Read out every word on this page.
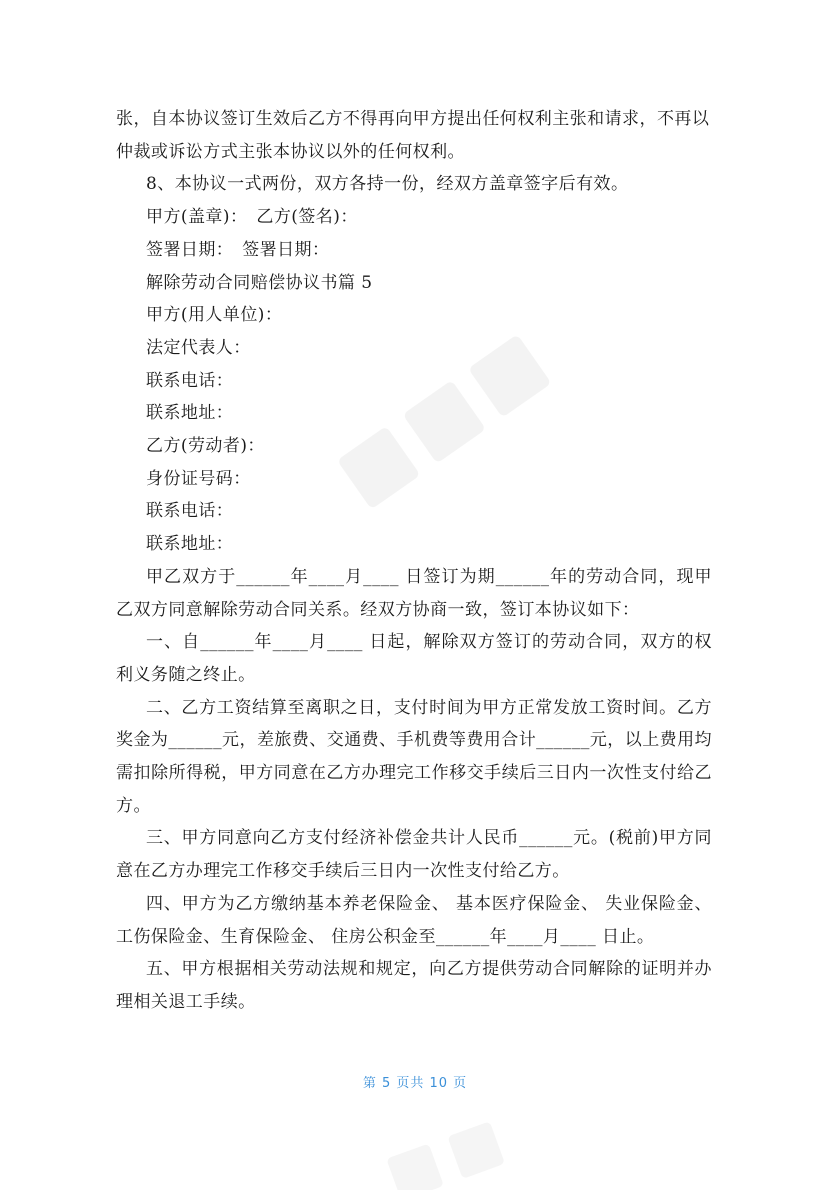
张，自本协议签订生效后乙方不得再向甲方提出任何权利主张和请求，不再以

仲裁或诉讼方式主张本协议以外的任何权利。

8、本协议一式两份，双方各持一份，经双方盖章签字后有效。

甲方(盖章)：　乙方(签名)：

签署日期：　签署日期：

解除劳动合同赔偿协议书篇 5

甲方(用人单位)：

法定代表人：

联系电话：

联系地址：

乙方(劳动者)：

身份证号码：

联系电话：

联系地址：

甲乙双方于______年____月____ 日签订为期______年的劳动合同，现甲乙双方同意解除劳动合同关系。经双方协商一致，签订本协议如下：

一、自______年____月____ 日起，解除双方签订的劳动合同，双方的权利义务随之终止。

二、乙方工资结算至离职之日，支付时间为甲方正常发放工资时间。乙方奖金为______元，差旅费、交通费、手机费等费用合计______元，以上费用均需扣除所得税，甲方同意在乙方办理完工作移交手续后三日内一次性支付给乙方。

三、甲方同意向乙方支付经济补偿金共计人民币______元。(税前)甲方同意在乙方办理完工作移交手续后三日内一次性支付给乙方。

四、甲方为乙方缴纳基本养老保险金、 基本医疗保险金、 失业保险金、工伤保险金、生育保险金、 住房公积金至______年____月____ 日止。

五、甲方根据相关劳动法规和规定，向乙方提供劳动合同解除的证明并办理相关退工手续。

第 5 页共 10 页
